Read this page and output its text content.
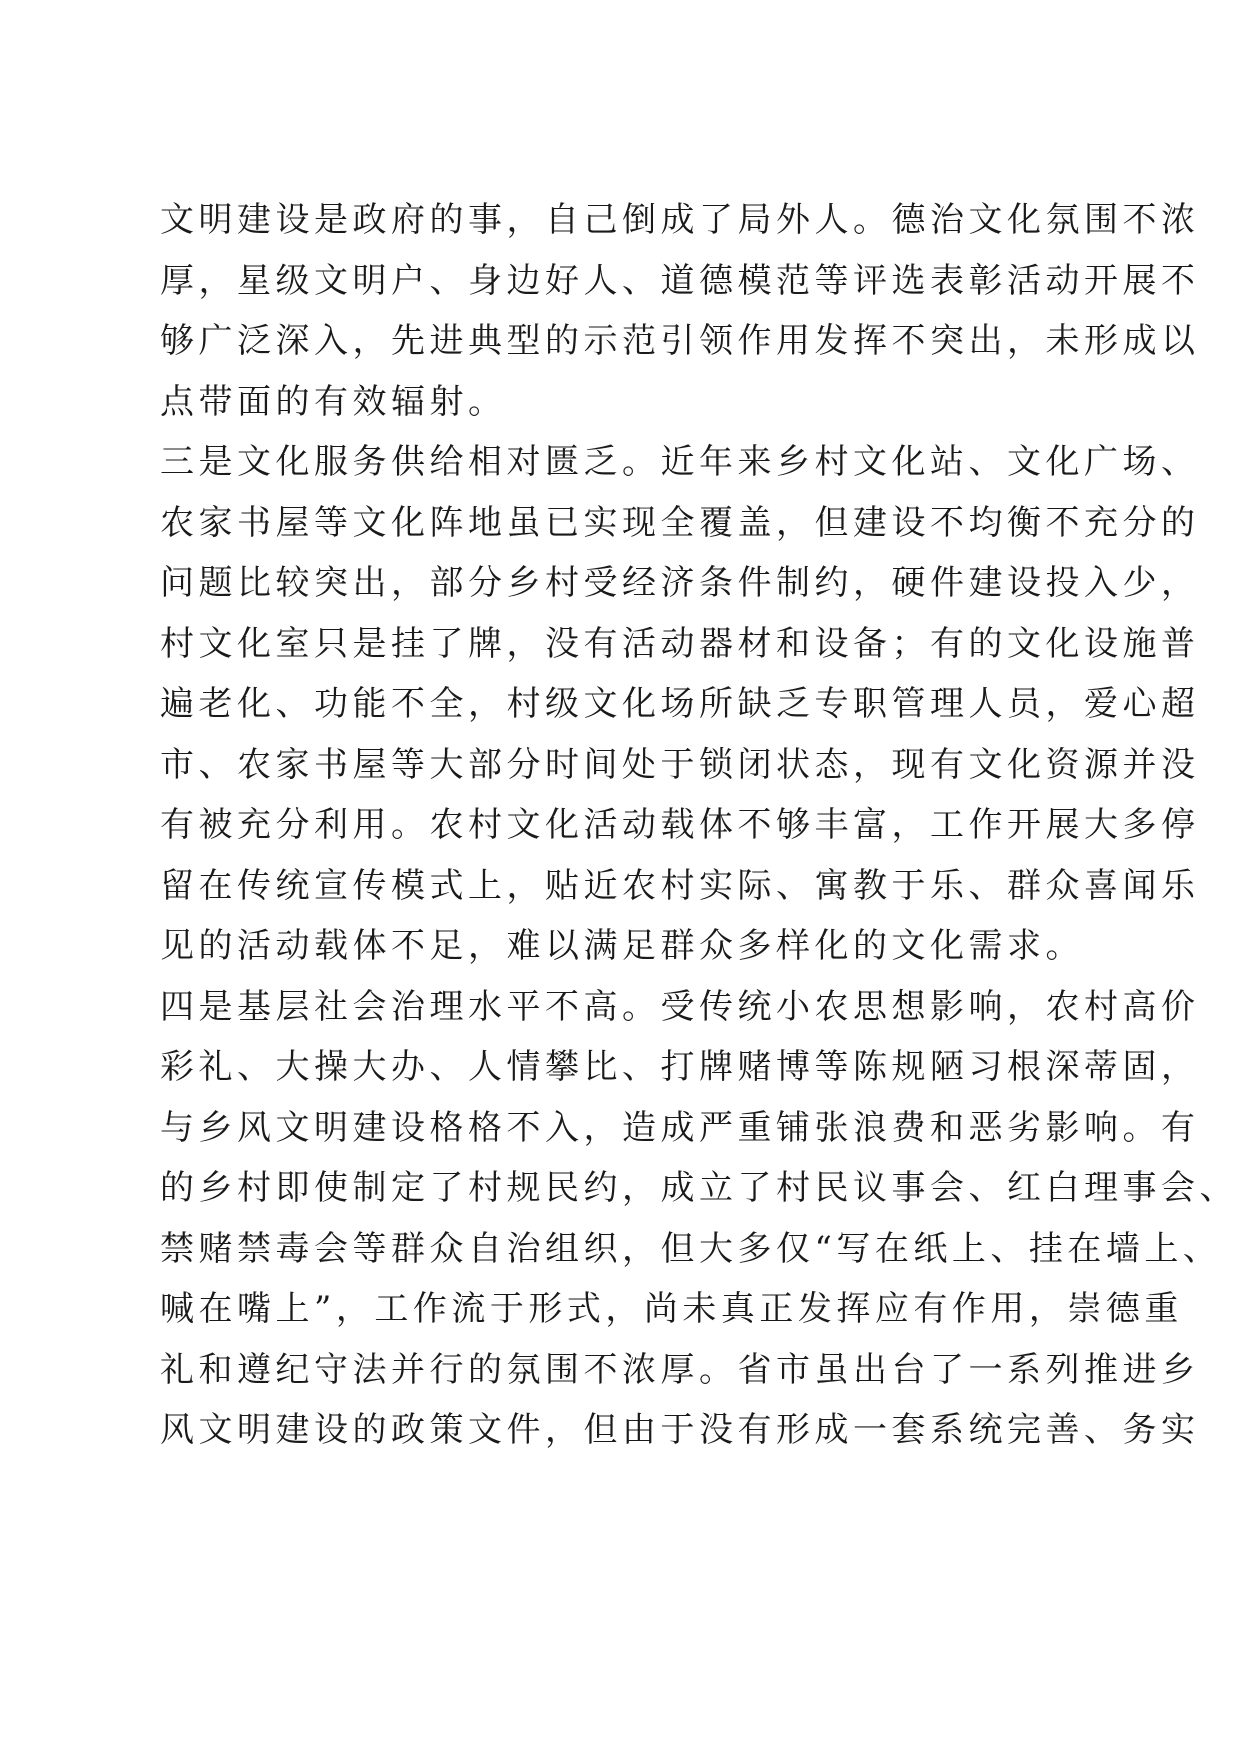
文明建设是政府的事，自己倒成了局外人。德治文化氛围不浓
厚，星级文明户、身边好人、道德模范等评选表彰活动开展不
够广泛深入，先进典型的示范引领作用发挥不突出，未形成以
点带面的有效辐射。
三是文化服务供给相对匮乏。近年来乡村文化站、文化广场、
农家书屋等文化阵地虽已实现全覆盖，但建设不均衡不充分的
问题比较突出，部分乡村受经济条件制约，硬件建设投入少，
村文化室只是挂了牌，没有活动器材和设备；有的文化设施普
遍老化、功能不全，村级文化场所缺乏专职管理人员，爱心超
市、农家书屋等大部分时间处于锁闭状态，现有文化资源并没
有被充分利用。农村文化活动载体不够丰富，工作开展大多停
留在传统宣传模式上，贴近农村实际、寓教于乐、群众喜闻乐
见的活动载体不足，难以满足群众多样化的文化需求。
四是基层社会治理水平不高。受传统小农思想影响，农村高价
彩礼、大操大办、人情攀比、打牌赌博等陈规陋习根深蒂固，
与乡风文明建设格格不入，造成严重铺张浪费和恶劣影响。有
的乡村即使制定了村规民约，成立了村民议事会、红白理事会、
禁赌禁毒会等群众自治组织，但大多仅“写在纸上、挂在墙上、
喊在嘴上”，工作流于形式，尚未真正发挥应有作用，崇德重
礼和遵纪守法并行的氛围不浓厚。省市虽出台了一系列推进乡
风文明建设的政策文件，但由于没有形成一套系统完善、务实
